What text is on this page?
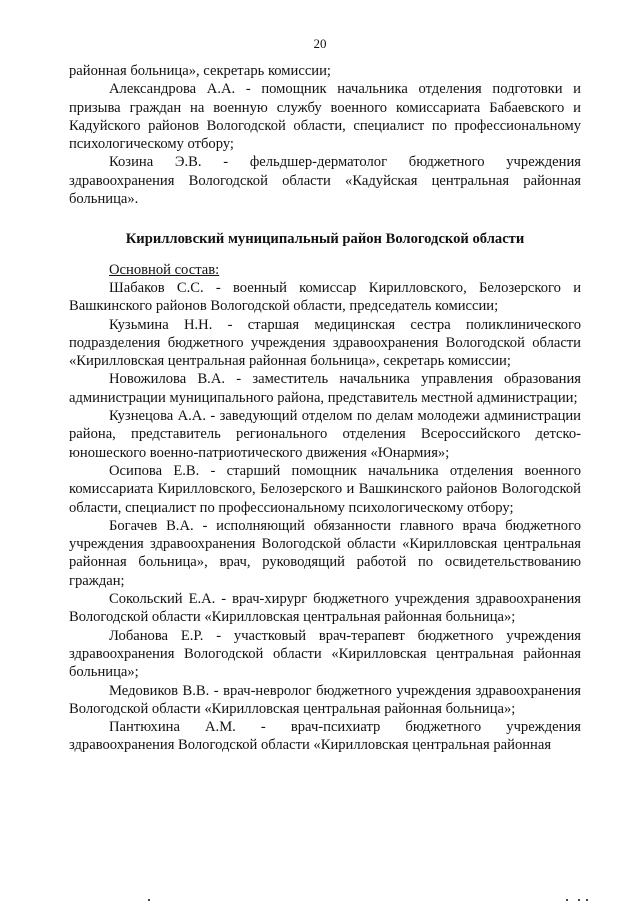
20

районная больница», секретарь комиссии;

Александрова А.А. - помощник начальника отделения подготовки и призыва граждан на военную службу военного комиссариата Бабаевского и Кадуйского районов Вологодской области, специалист по профессиональному психологическому отбору;

Козина Э.В. - фельдшер-дерматолог бюджетного учреждения здравоохранения Вологодской области «Кадуйская центральная районная больница».

Кирилловский муниципальный район Вологодской области

Основной состав:

Шабаков С.С. - военный комиссар Кирилловского, Белозерского и Вашкинского районов Вологодской области, председатель комиссии;

Кузьмина Н.Н. - старшая медицинская сестра поликлинического подразделения бюджетного учреждения здравоохранения Вологодской области «Кирилловская центральная районная больница», секретарь комиссии;

Новожилова В.А. - заместитель начальника управления образования администрации муниципального района, представитель местной администрации;

Кузнецова А.А. - заведующий отделом по делам молодежи администрации района, представитель регионального отделения Всероссийского детско-юношеского военно-патриотического движения «Юнармия»;

Осипова Е.В. - старший помощник начальника отделения военного комиссариата Кирилловского, Белозерского и Вашкинского районов Вологодской области, специалист по профессиональному психологическому отбору;

Богачев В.А. - исполняющий обязанности главного врача бюджетного учреждения здравоохранения Вологодской области «Кирилловская центральная районная больница», врач, руководящий работой по освидетельствованию граждан;

Сокольский Е.А. - врач-хирург бюджетного учреждения здравоохранения Вологодской области «Кирилловская центральная районная больница»;

Лобанова Е.Р. - участковый врач-терапевт бюджетного учреждения здравоохранения Вологодской области «Кирилловская центральная районная больница»;

Медовиков В.В. - врач-невролог бюджетного учреждения здравоохранения Вологодской области «Кирилловская центральная районная больница»;

Пантюхина А.М. - врач-психиатр бюджетного учреждения здравоохранения Вологодской области «Кирилловская центральная районная
